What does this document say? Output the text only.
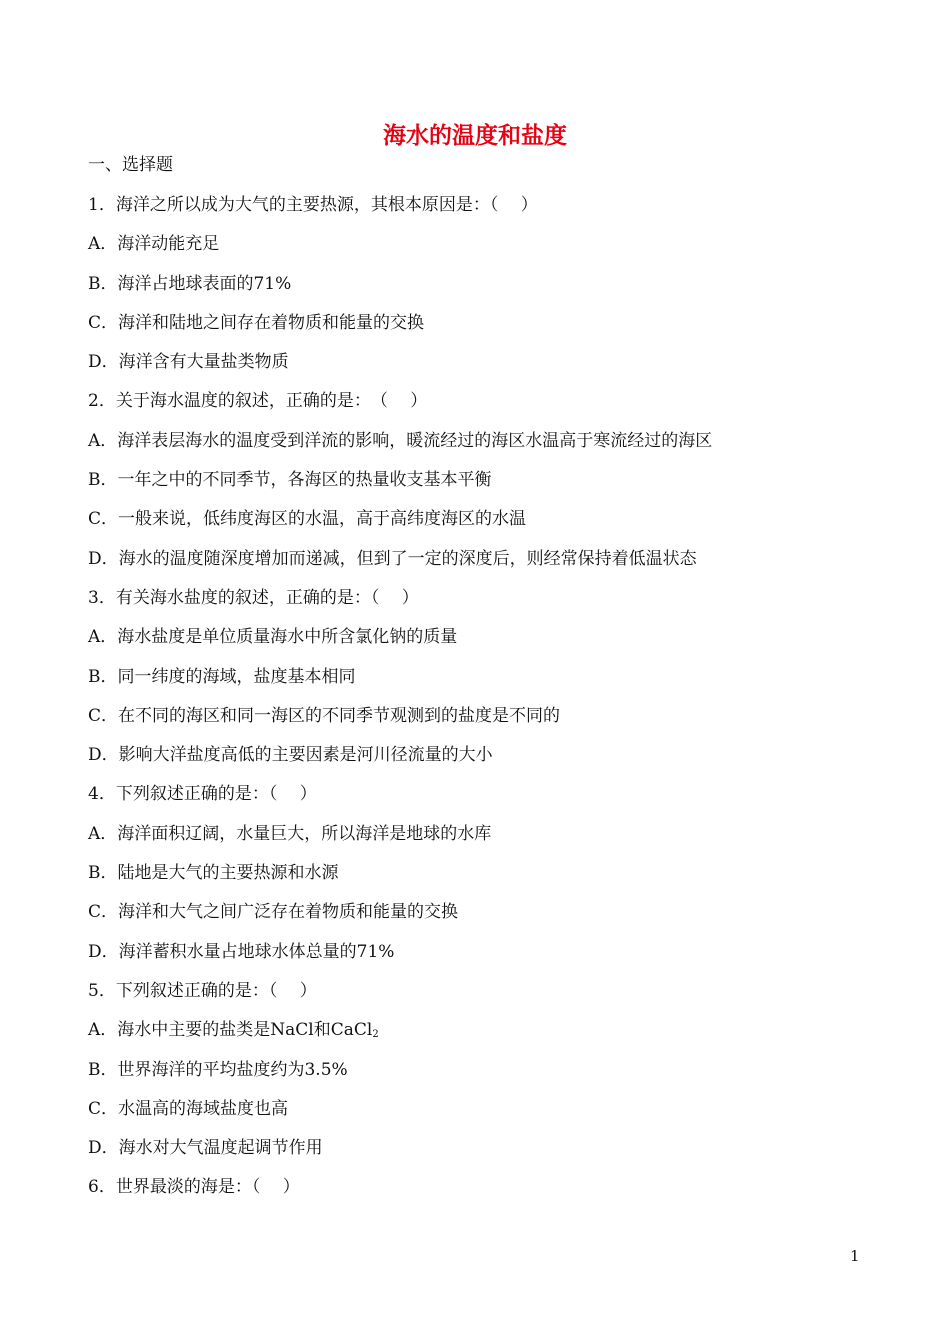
海水的温度和盐度
一、选择题
1．海洋之所以成为大气的主要热源，其根本原因是：（　 ）
A．海洋动能充足
B．海洋占地球表面的71%
C．海洋和陆地之间存在着物质和能量的交换
D．海洋含有大量盐类物质
2．关于海水温度的叙述，正确的是：　（　 ）
A．海洋表层海水的温度受到洋流的影响，暖流经过的海区水温高于寒流经过的海区
B．一年之中的不同季节，各海区的热量收支基本平衡
C．一般来说，低纬度海区的水温，高于高纬度海区的水温
D．海水的温度随深度增加而递减，但到了一定的深度后，则经常保持着低温状态
3．有关海水盐度的叙述，正确的是：（　 ）
A．海水盐度是单位质量海水中所含氯化钠的质量
B．同一纬度的海域，盐度基本相同
C．在不同的海区和同一海区的不同季节观测到的盐度是不同的
D．影响大洋盐度高低的主要因素是河川径流量的大小
4．下列叙述正确的是：（　 ）
A．海洋面积辽阔，水量巨大，所以海洋是地球的水库
B．陆地是大气的主要热源和水源
C．海洋和大气之间广泛存在着物质和能量的交换
D．海洋蓄积水量占地球水体总量的71%
5．下列叙述正确的是：（　 ）
A．海水中主要的盐类是NaCl和CaCl$_2$
B．世界海洋的平均盐度约为3.5%
C．水温高的海域盐度也高
D．海水对大气温度起调节作用
6．世界最淡的海是：（　 ）
1
